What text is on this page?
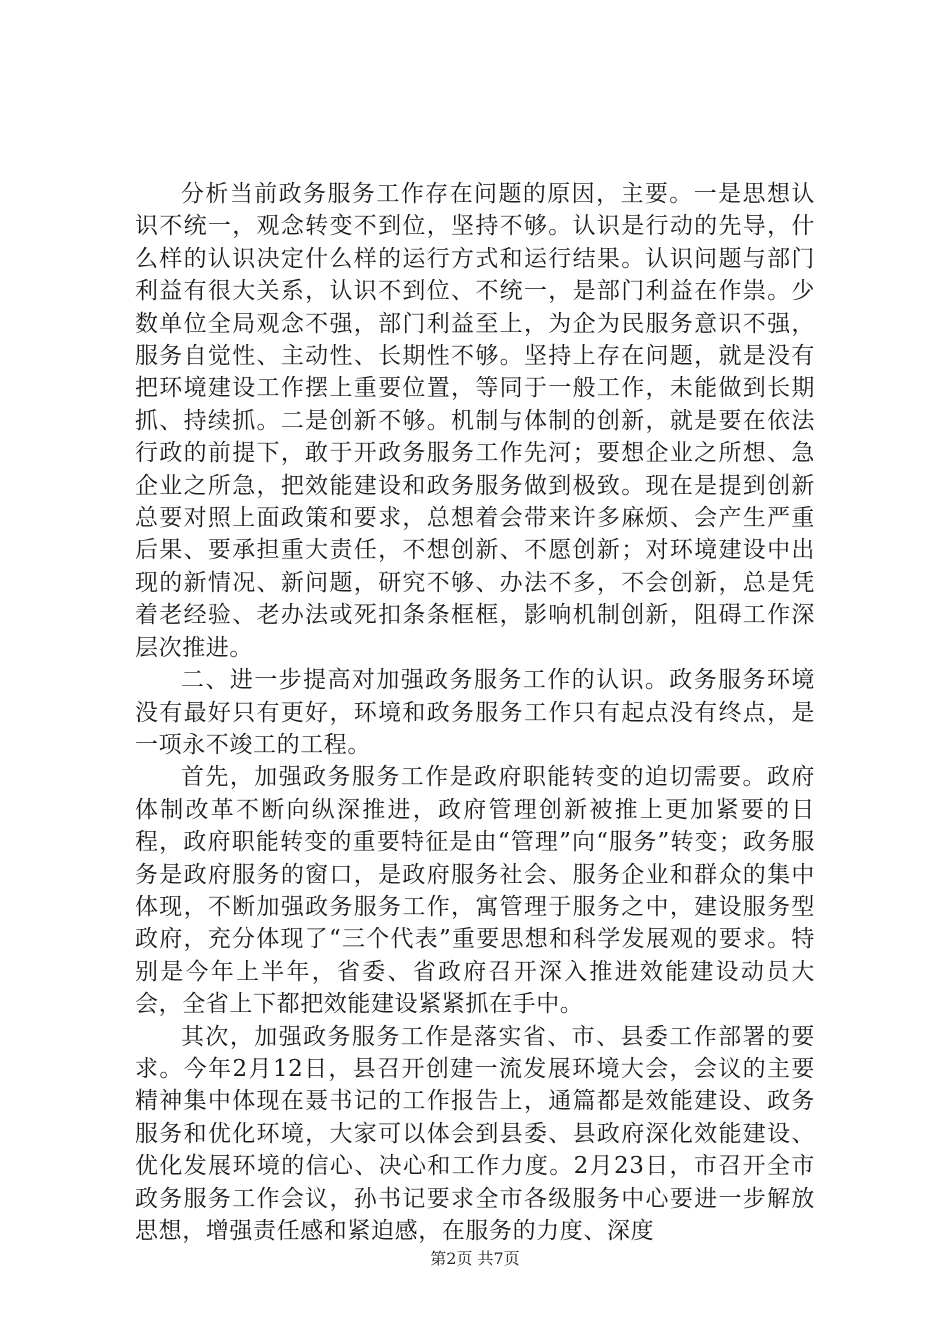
分析当前政务服务工作存在问题的原因，主要。一是思想认识不统一，观念转变不到位，坚持不够。认识是行动的先导，什么样的认识决定什么样的运行方式和运行结果。认识问题与部门利益有很大关系，认识不到位、不统一，是部门利益在作祟。少数单位全局观念不强，部门利益至上，为企为民服务意识不强，服务自觉性、主动性、长期性不够。坚持上存在问题，就是没有把环境建设工作摆上重要位置，等同于一般工作，未能做到长期抓、持续抓。二是创新不够。机制与体制的创新，就是要在依法行政的前提下，敢于开政务服务工作先河；要想企业之所想、急企业之所急，把效能建设和政务服务做到极致。现在是提到创新总要对照上面政策和要求，总想着会带来许多麻烦、会产生严重后果、要承担重大责任，不想创新、不愿创新；对环境建设中出现的新情况、新问题，研究不够、办法不多，不会创新，总是凭着老经验、老办法或死扣条条框框，影响机制创新，阻碍工作深层次推进。

二、进一步提高对加强政务服务工作的认识。政务服务环境没有最好只有更好，环境和政务服务工作只有起点没有终点，是一项永不竣工的工程。

首先，加强政务服务工作是政府职能转变的迫切需要。政府体制改革不断向纵深推进，政府管理创新被推上更加紧要的日程，政府职能转变的重要特征是由“管理”向“服务”转变；政务服务是政府服务的窗口，是政府服务社会、服务企业和群众的集中体现，不断加强政务服务工作，寓管理于服务之中，建设服务型政府，充分体现了“三个代表”重要思想和科学发展观的要求。特别是今年上半年，省委、省政府召开深入推进效能建设动员大会，全省上下都把效能建设紧紧抓在手中。

其次，加强政务服务工作是落实省、市、县委工作部署的要求。今年2月12日，县召开创建一流发展环境大会，会议的主要精神集中体现在聂书记的工作报告上，通篇都是效能建设、政务服务和优化环境，大家可以体会到县委、县政府深化效能建设、优化发展环境的信心、决心和工作力度。2月23日，市召开全市政务服务工作会议，孙书记要求全市各级服务中心要进一步解放思想，增强责任感和紧迫感，在服务的力度、深度

第2页 共7页
